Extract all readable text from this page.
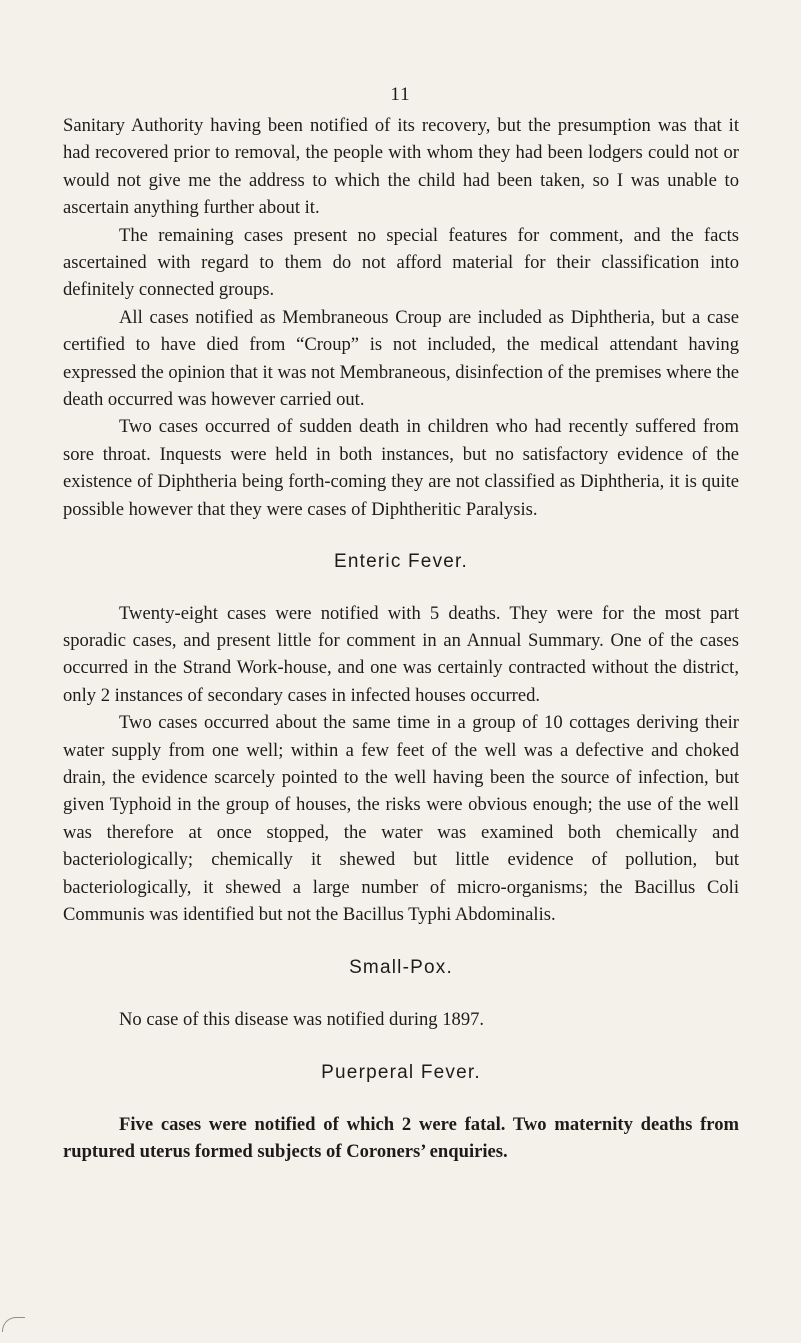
11

Sanitary Authority having been notified of its recovery, but the presumption was that it had recovered prior to removal, the people with whom they had been lodgers could not or would not give me the address to which the child had been taken, so I was unable to ascertain anything further about it.

The remaining cases present no special features for comment, and the facts ascertained with regard to them do not afford material for their classification into definitely connected groups.

All cases notified as Membraneous Croup are included as Diphtheria, but a case certified to have died from “Croup” is not included, the medical attendant having expressed the opinion that it was not Membraneous, disinfection of the premises where the death occurred was however carried out.

Two cases occurred of sudden death in children who had recently suffered from sore throat. Inquests were held in both instances, but no satisfactory evidence of the existence of Diphtheria being forth-coming they are not classified as Diphtheria, it is quite possible however that they were cases of Diphtheritic Paralysis.

Enteric Fever.

Twenty-eight cases were notified with 5 deaths. They were for the most part sporadic cases, and present little for comment in an Annual Summary. One of the cases occurred in the Strand Work-house, and one was certainly contracted without the district, only 2 instances of secondary cases in infected houses occurred.

Two cases occurred about the same time in a group of 10 cottages deriving their water supply from one well; within a few feet of the well was a defective and choked drain, the evidence scarcely pointed to the well having been the source of infection, but given Typhoid in the group of houses, the risks were obvious enough; the use of the well was therefore at once stopped, the water was examined both chemically and bacteriologically; chemically it shewed but little evidence of pollution, but bacteriologically, it shewed a large number of micro-organisms; the Bacillus Coli Communis was identified but not the Bacillus Typhi Abdominalis.

Small-Pox.

No case of this disease was notified during 1897.

Puerperal Fever.

Five cases were notified of which 2 were fatal. Two maternity deaths from ruptured uterus formed subjects of Coroners’ enquiries.
